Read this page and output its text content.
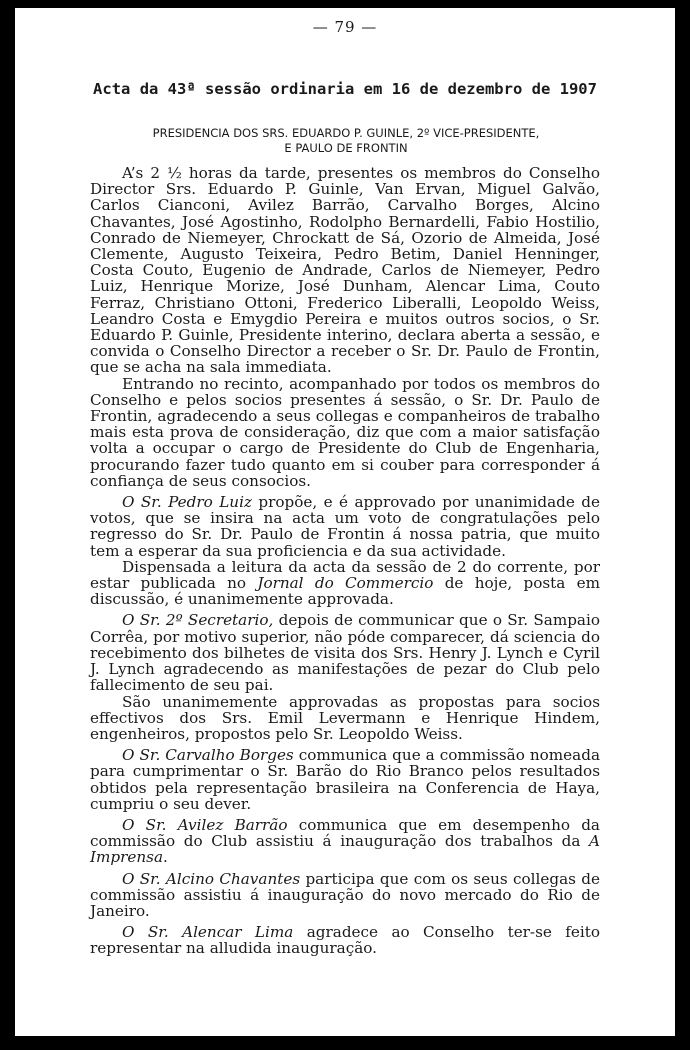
— 79 —
Acta da 43ª sessão ordinaria em 16 de dezembro de 1907
PRESIDENCIA DOS SRS. EDUARDO P. GUINLE, 2º VICE-PRESIDENTE,
E PAULO DE FRONTIN

A’s 2 ½ horas da tarde, presentes os membros do Conselho Director Srs. Eduardo P. Guinle, Van Ervan, Miguel Galvão, Carlos Cianconi, Avilez Barrão, Carvalho Borges, Alcino Chavantes, José Agostinho, Rodolpho Bernardelli, Fabio Hostilio, Conrado de Niemeyer, Chrockatt de Sá, Ozorio de Almeida, José Clemente, Augusto Teixeira, Pedro Betim, Daniel Henninger, Costa Couto, Eugenio de Andrade, Carlos de Niemeyer, Pedro Luiz, Henrique Morize, José Dunham, Alencar Lima, Couto Ferraz, Christiano Ottoni, Frederico Liberalli, Leopoldo Weiss, Leandro Costa e Emygdio Pereira e muitos outros socios, o Sr. Eduardo P. Guinle, Presidente interino, declara aberta a sessão, e convida o Conselho Director a receber o Sr. Dr. Paulo de Frontin, que se acha na sala immediata.

Entrando no recinto, acompanhado por todos os membros do Conselho e pelos socios presentes á sessão, o Sr. Dr. Paulo de Frontin, agradecendo a seus collegas e companheiros de trabalho mais esta prova de consideração, diz que com a maior satisfação volta a occupar o cargo de Presidente do Club de Engenharia, procurando fazer tudo quanto em si couber para corresponder á confiança de seus consocios.

O Sr. Pedro Luiz propõe, e é approvado por unanimidade de votos, que se insira na acta um voto de congratulações pelo regresso do Sr. Dr. Paulo de Frontin á nossa patria, que muito tem a esperar da sua proficiencia e da sua actividade.

Dispensada a leitura da acta da sessão de 2 do corrente, por estar publicada no Jornal do Commercio de hoje, posta em discussão, é unanimemente approvada.

O Sr. 2º Secretario, depois de communicar que o Sr. Sampaio Corrêa, por motivo superior, não póde comparecer, dá sciencia do recebimento dos bilhetes de visita dos Srs. Henry J. Lynch e Cyril J. Lynch agradecendo as manifestações de pezar do Club pelo fallecimento de seu pai.

São unanimemente approvadas as propostas para socios effectivos dos Srs. Emil Levermann e Henrique Hindem, engenheiros, propostos pelo Sr. Leopoldo Weiss.

O Sr. Carvalho Borges communica que a commissão nomeada para cumprimentar o Sr. Barão do Rio Branco pelos resultados obtidos pela representação brasileira na Conferencia de Haya, cumpriu o seu dever.

O Sr. Avilez Barrão communica que em desempenho da commissão do Club assistiu á inauguração dos trabalhos da A Imprensa.

O Sr. Alcino Chavantes participa que com os seus collegas de commissão assistiu á inauguração do novo mercado do Rio de Janeiro.

O Sr. Alencar Lima agradece ao Conselho ter-se feito representar na alludida inauguração.
